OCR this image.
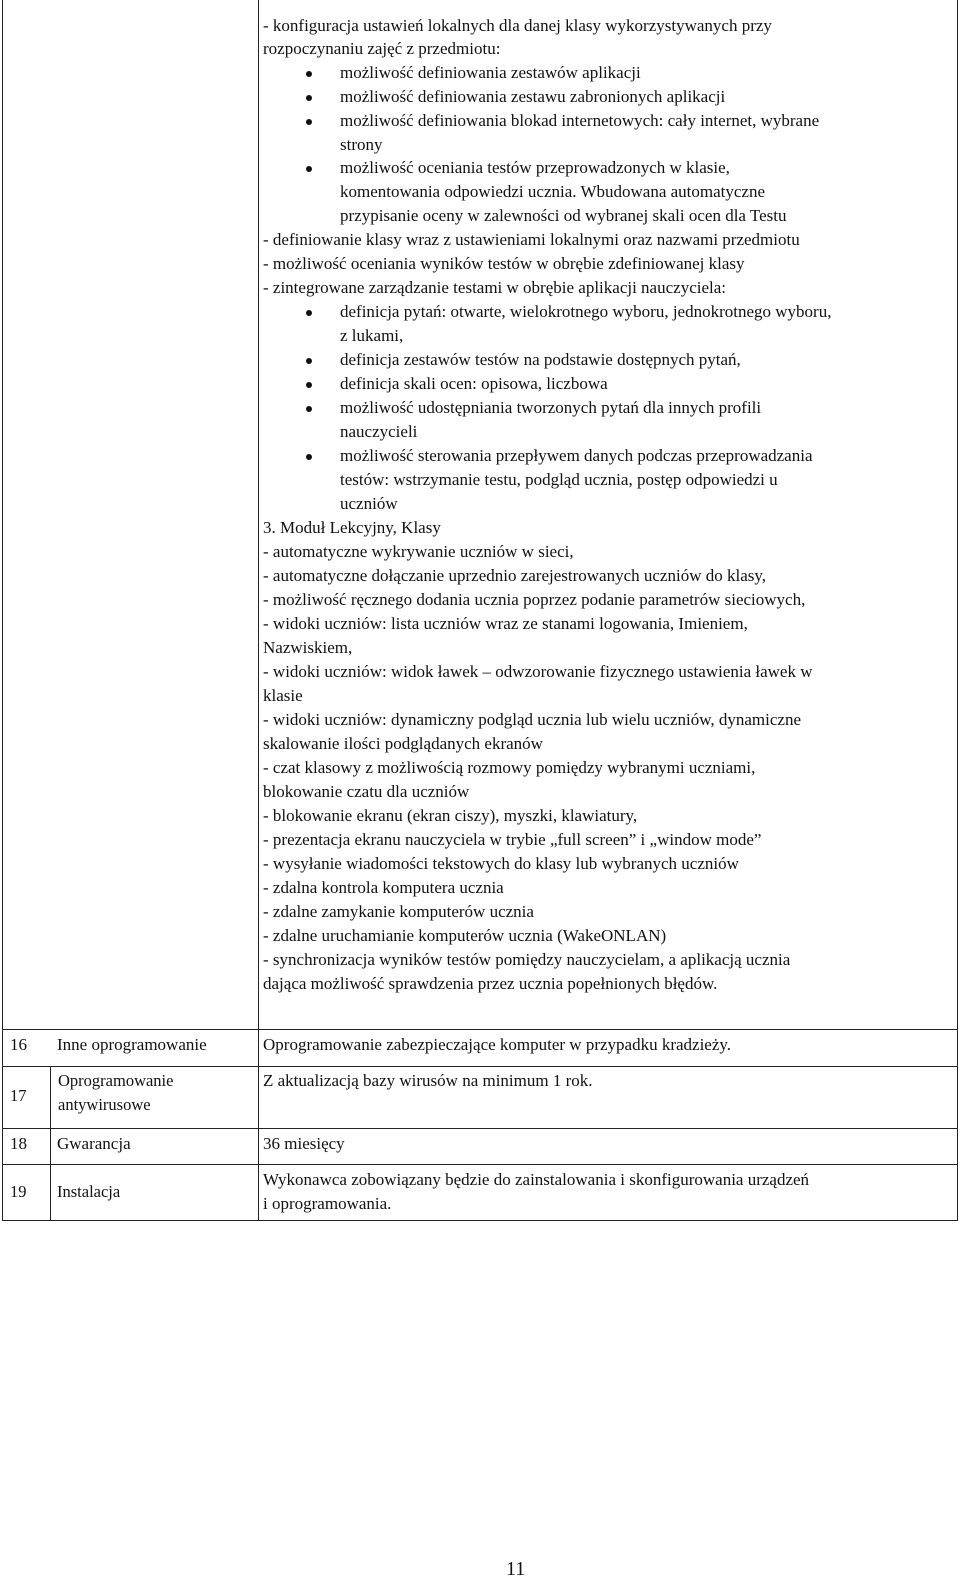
- konfiguracja ustawień lokalnych dla danej klasy wykorzystywanych przy
rozpoczynaniu zajęć z przedmiotu:
możliwość definiowania zestawów aplikacji
możliwość definiowania zestawu zabronionych aplikacji
możliwość definiowania blokad internetowych: cały internet, wybrane
strony
możliwość oceniania testów przeprowadzonych w klasie,
komentowania odpowiedzi ucznia. Wbudowana automatyczne
przypisanie oceny w zalewności od wybranej skali ocen dla Testu
- definiowanie klasy wraz z ustawieniami lokalnymi oraz nazwami przedmiotu
- możliwość oceniania wyników testów w obrębie zdefiniowanej klasy
- zintegrowane zarządzanie testami w obrębie aplikacji nauczyciela:
definicja pytań: otwarte, wielokrotnego wyboru, jednokrotnego wyboru,
z lukami,
definicja zestawów testów na podstawie dostępnych pytań,
definicja skali ocen: opisowa, liczbowa
możliwość udostępniania tworzonych pytań dla innych profili
nauczycieli
możliwość sterowania przepływem danych podczas przeprowadzania
testów: wstrzymanie testu, podgląd ucznia, postęp odpowiedzi u
uczniów
3. Moduł Lekcyjny, Klasy
- automatyczne wykrywanie uczniów w sieci,
- automatyczne dołączanie uprzednio zarejestrowanych uczniów do klasy,
- możliwość ręcznego dodania ucznia poprzez podanie parametrów sieciowych,
- widoki uczniów: lista uczniów wraz ze stanami logowania, Imieniem,
Nazwiskiem,
- widoki uczniów: widok ławek – odwzorowanie fizycznego ustawienia ławek w
klasie
- widoki uczniów: dynamiczny podgląd ucznia lub wielu uczniów, dynamiczne
skalowanie ilości podglądanych ekranów
- czat klasowy z możliwością rozmowy pomiędzy wybranymi uczniami,
blokowanie czatu dla uczniów
- blokowanie ekranu (ekran ciszy), myszki, klawiatury,
- prezentacja ekranu nauczyciela w trybie „full screen” i „window mode”
- wysyłanie wiadomości tekstowych do klasy lub wybranych uczniów
- zdalna kontrola komputera ucznia
- zdalne zamykanie komputerów ucznia
- zdalne uruchamianie komputerów ucznia (WakeONLAN)
- synchronizacja wyników testów pomiędzy nauczycielam, a aplikacją ucznia
dająca możliwość sprawdzenia przez ucznia popełnionych błędów.
16 Inne oprogramowanie	Oprogramowanie zabezpieczające komputer w przypadku kradzieży.
17
Oprogramowanie
antywirusowe
Z aktualizacją bazy wirusów na minimum 1 rok.
18 Gwarancja	36 miesięcy
19 Instalacja
Wykonawca zobowiązany będzie do zainstalowania i skonfigurowania urządzeń
i oprogramowania.
11
